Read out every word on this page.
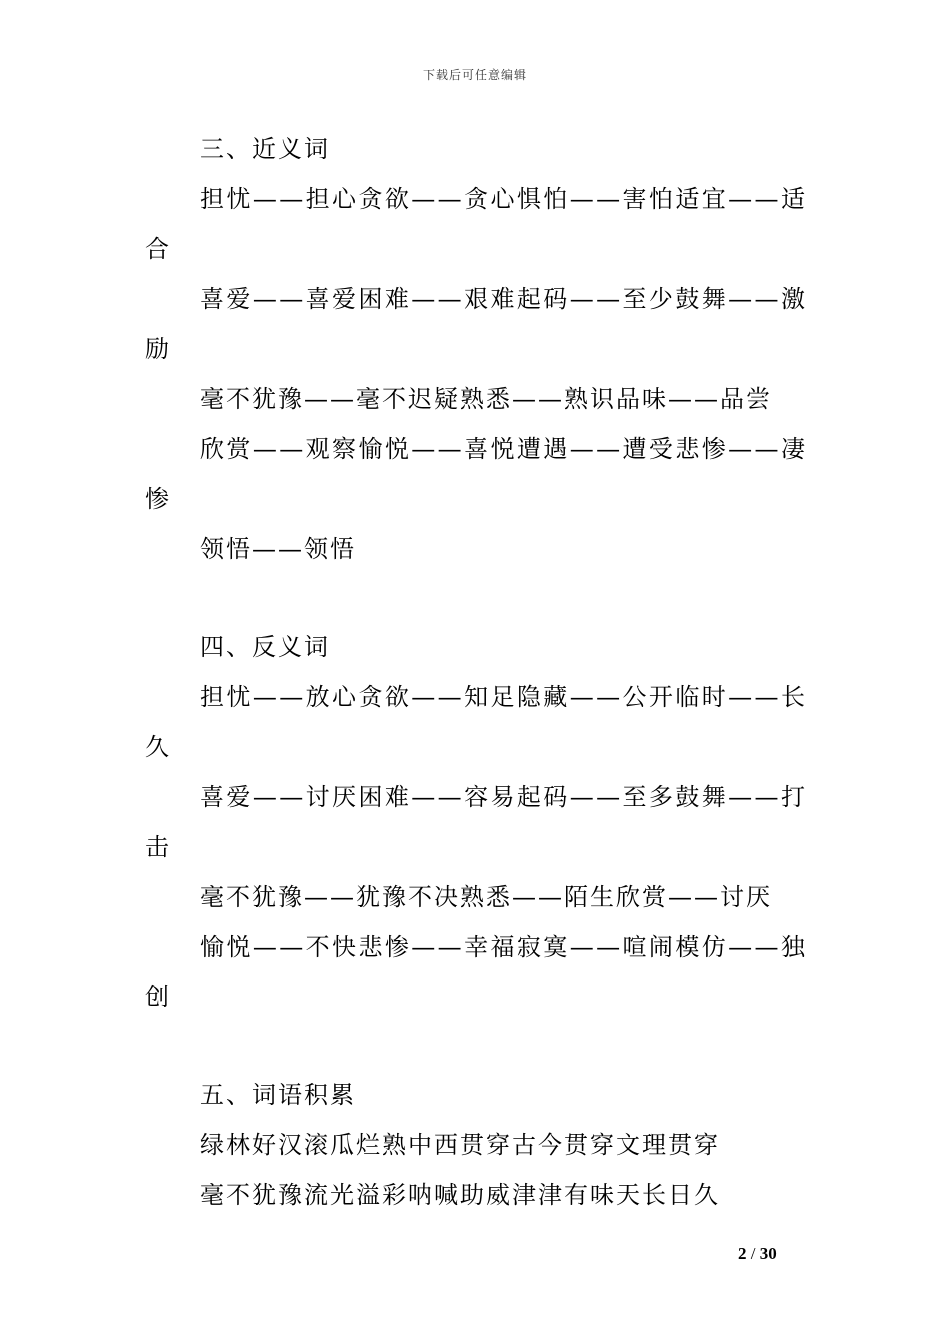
下载后可任意编辑
三、近义词
担 忧 — — 担 心 贪 欲 — — 贪 心 惧 怕 — — 害 怕 适 宜 — — 适
合
喜 爱 — — 喜 爱 困 难 — — 艰 难 起 码 — — 至 少 鼓 舞 — — 激
励
毫不犹豫——毫不迟疑熟悉——熟识品味——品尝
欣 赏 — — 观 察 愉 悦 — — 喜 悦 遭 遇 — — 遭 受 悲 惨 — — 凄
惨
领悟——领悟
四、反义词
担 忧 — — 放 心 贪 欲 — — 知 足 隐 藏 — — 公 开 临 时 — — 长
久
喜 爱 — — 讨 厌 困 难 — — 容 易 起 码 — — 至 多 鼓 舞 — — 打
击
毫不犹豫——犹豫不决熟悉——陌生欣赏——讨厌
愉 悦 — — 不 快 悲 惨 — — 幸 福 寂 寞 — — 喧 闹 模 仿 — — 独
创
五、词语积累
绿林好汉滚瓜烂熟中西贯穿古今贯穿文理贯穿
毫不犹豫流光溢彩呐喊助威津津有味天长日久
2 / 30
